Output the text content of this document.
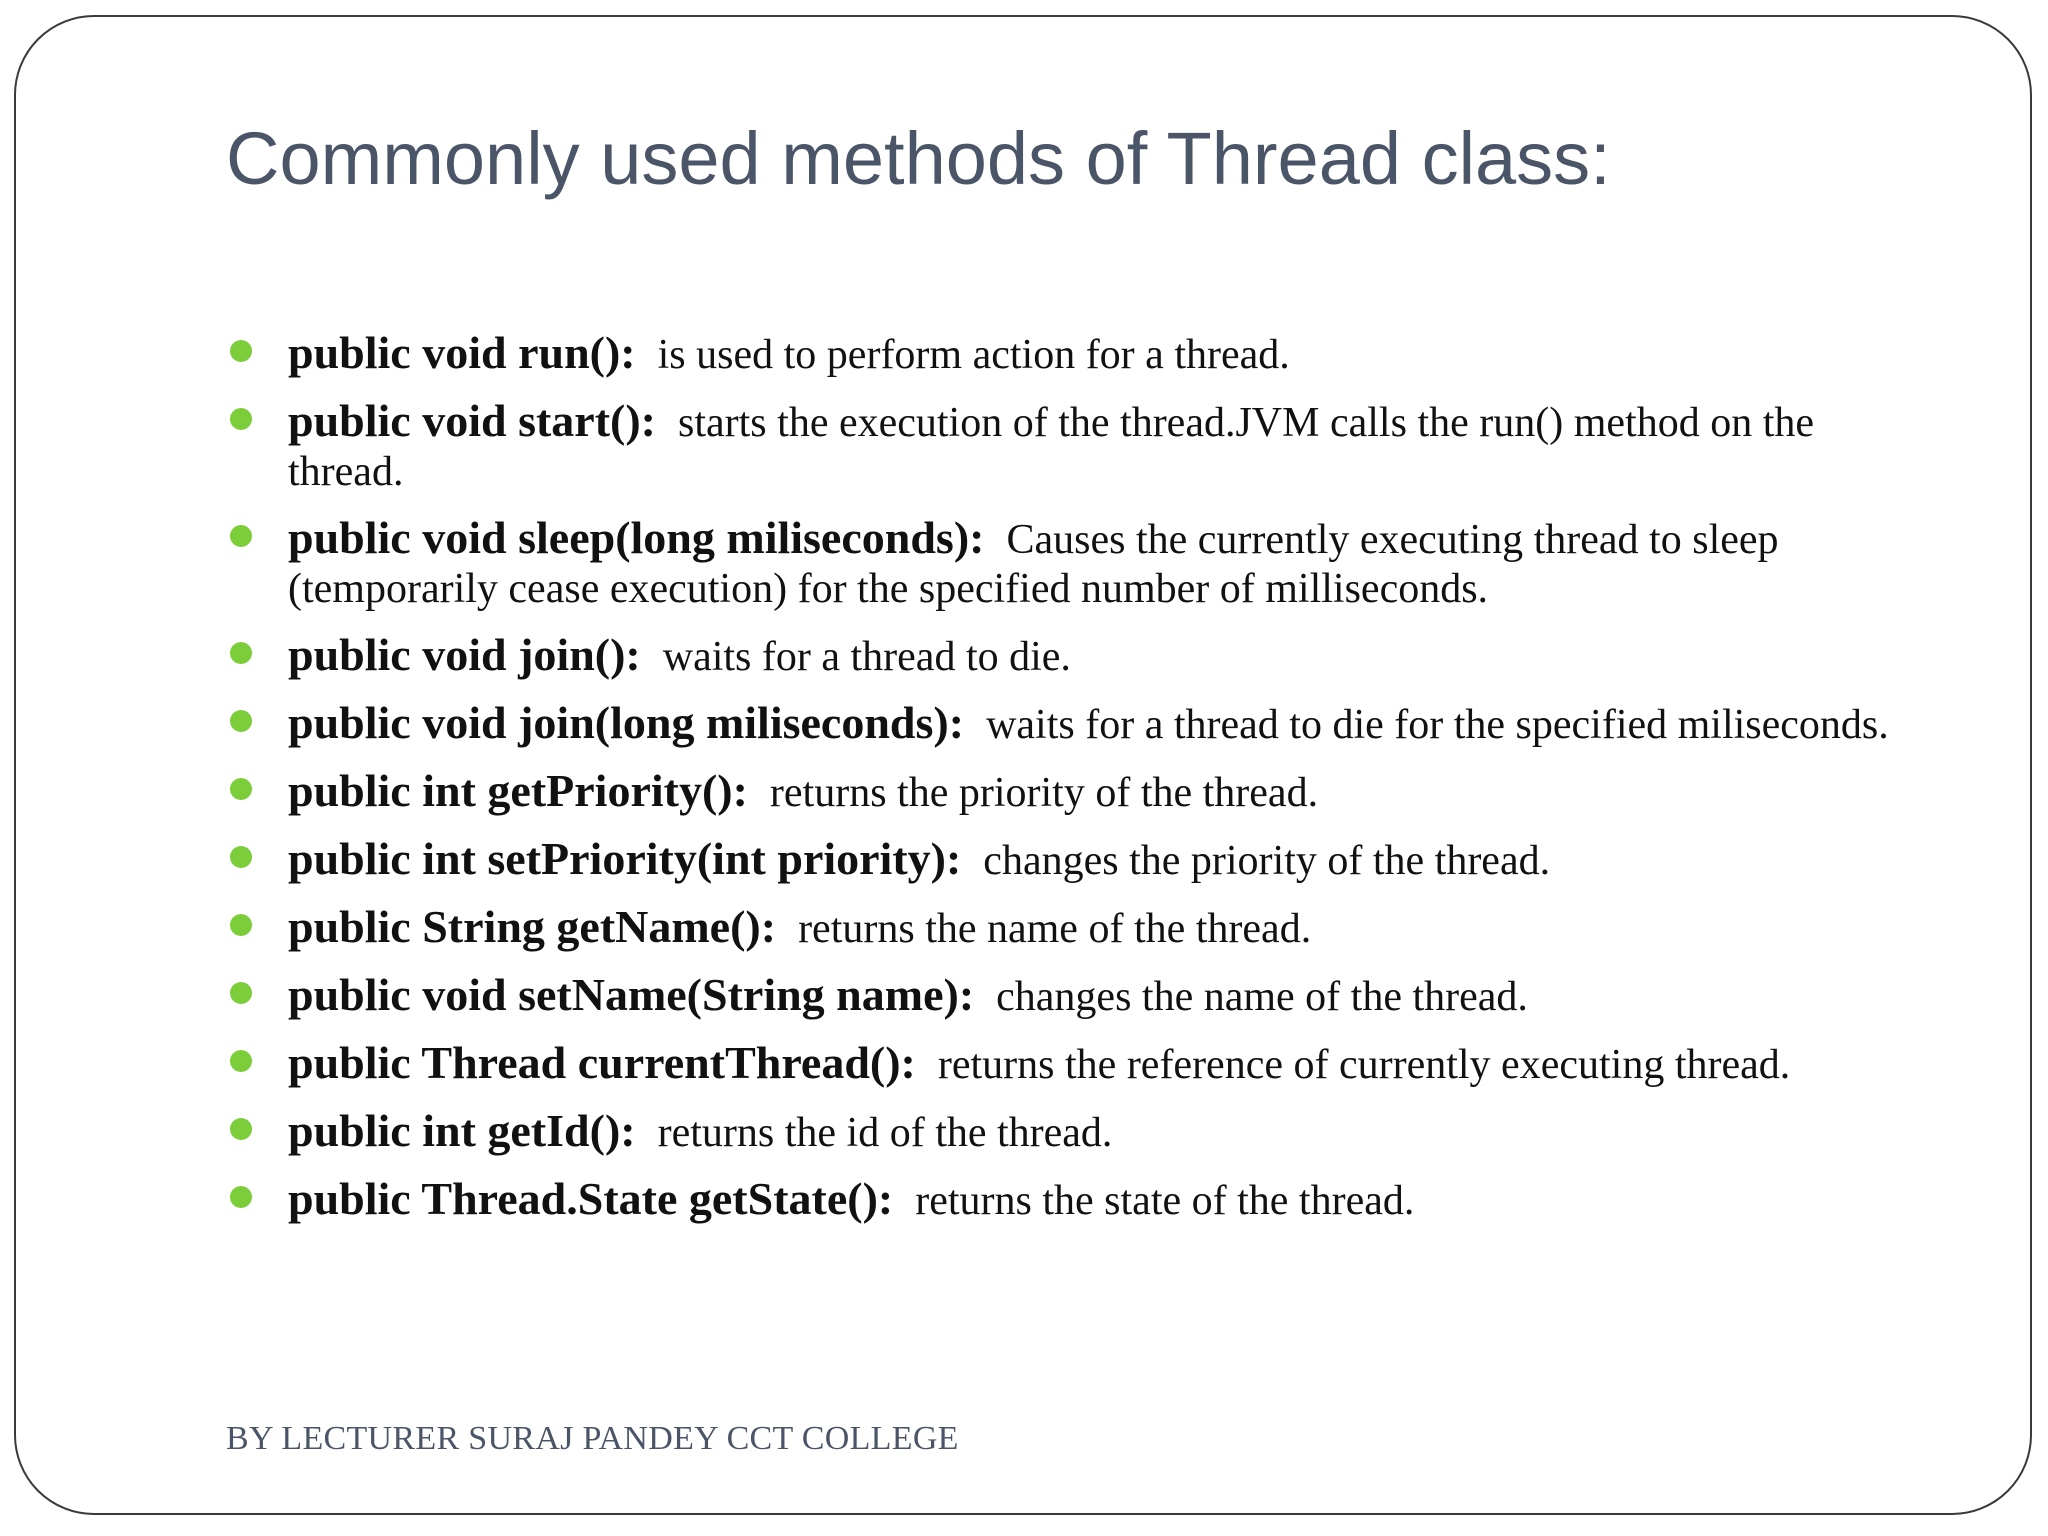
Commonly used methods of Thread class:
public void run(): is used to perform action for a thread.
public void start(): starts the execution of the thread.JVM calls the run() method on the thread.
public void sleep(long miliseconds): Causes the currently executing thread to sleep (temporarily cease execution) for the specified number of milliseconds.
public void join(): waits for a thread to die.
public void join(long miliseconds): waits for a thread to die for the specified miliseconds.
public int getPriority(): returns the priority of the thread.
public int setPriority(int priority): changes the priority of the thread.
public String getName(): returns the name of the thread.
public void setName(String name): changes the name of the thread.
public Thread currentThread(): returns the reference of currently executing thread.
public int getId(): returns the id of the thread.
public Thread.State getState(): returns the state of the thread.
BY LECTURER SURAJ PANDEY CCT COLLEGE
